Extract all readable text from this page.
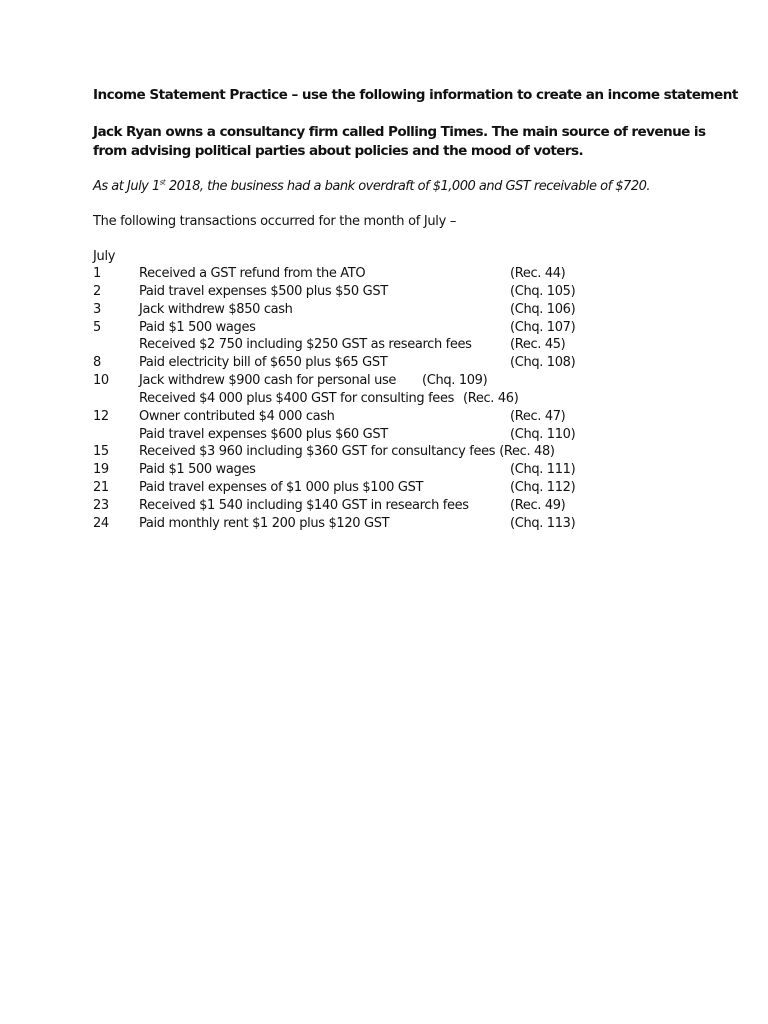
Income Statement Practice – use the following information to create an income statement

Jack Ryan owns a consultancy firm called Polling Times. The main source of revenue is
from advising political parties about policies and the mood of voters.

As at July 1st 2018, the business had a bank overdraft of $1,000 and GST receivable of $720.

The following transactions occurred for the month of July –

July
1	Received a GST refund from the ATO	(Rec. 44)
2	Paid travel expenses $500 plus $50 GST	(Chq. 105)
3	Jack withdrew $850 cash	(Chq. 106)
5	Paid $1 500 wages	(Chq. 107)
Received $2 750 including $250 GST as research fees	(Rec. 45)
8	Paid electricity bill of $650 plus $65 GST	(Chq. 108)
10 Jack withdrew $900 cash for personal use (Chq. 109)
Received $4 000 plus $400 GST for consulting fees (Rec. 46)
12 Owner contributed $4 000 cash	(Rec. 47)
Paid travel expenses $600 plus $60 GST	(Chq. 110)
15 Received $3 960 including $360 GST for consultancy fees (Rec. 48)
19 Paid $1 500 wages	(Chq. 111)
21 Paid travel expenses of $1 000 plus $100 GST	(Chq. 112)
23 Received $1 540 including $140 GST in research fees	(Rec. 49)
24 Paid monthly rent $1 200 plus $120 GST	(Chq. 113)
